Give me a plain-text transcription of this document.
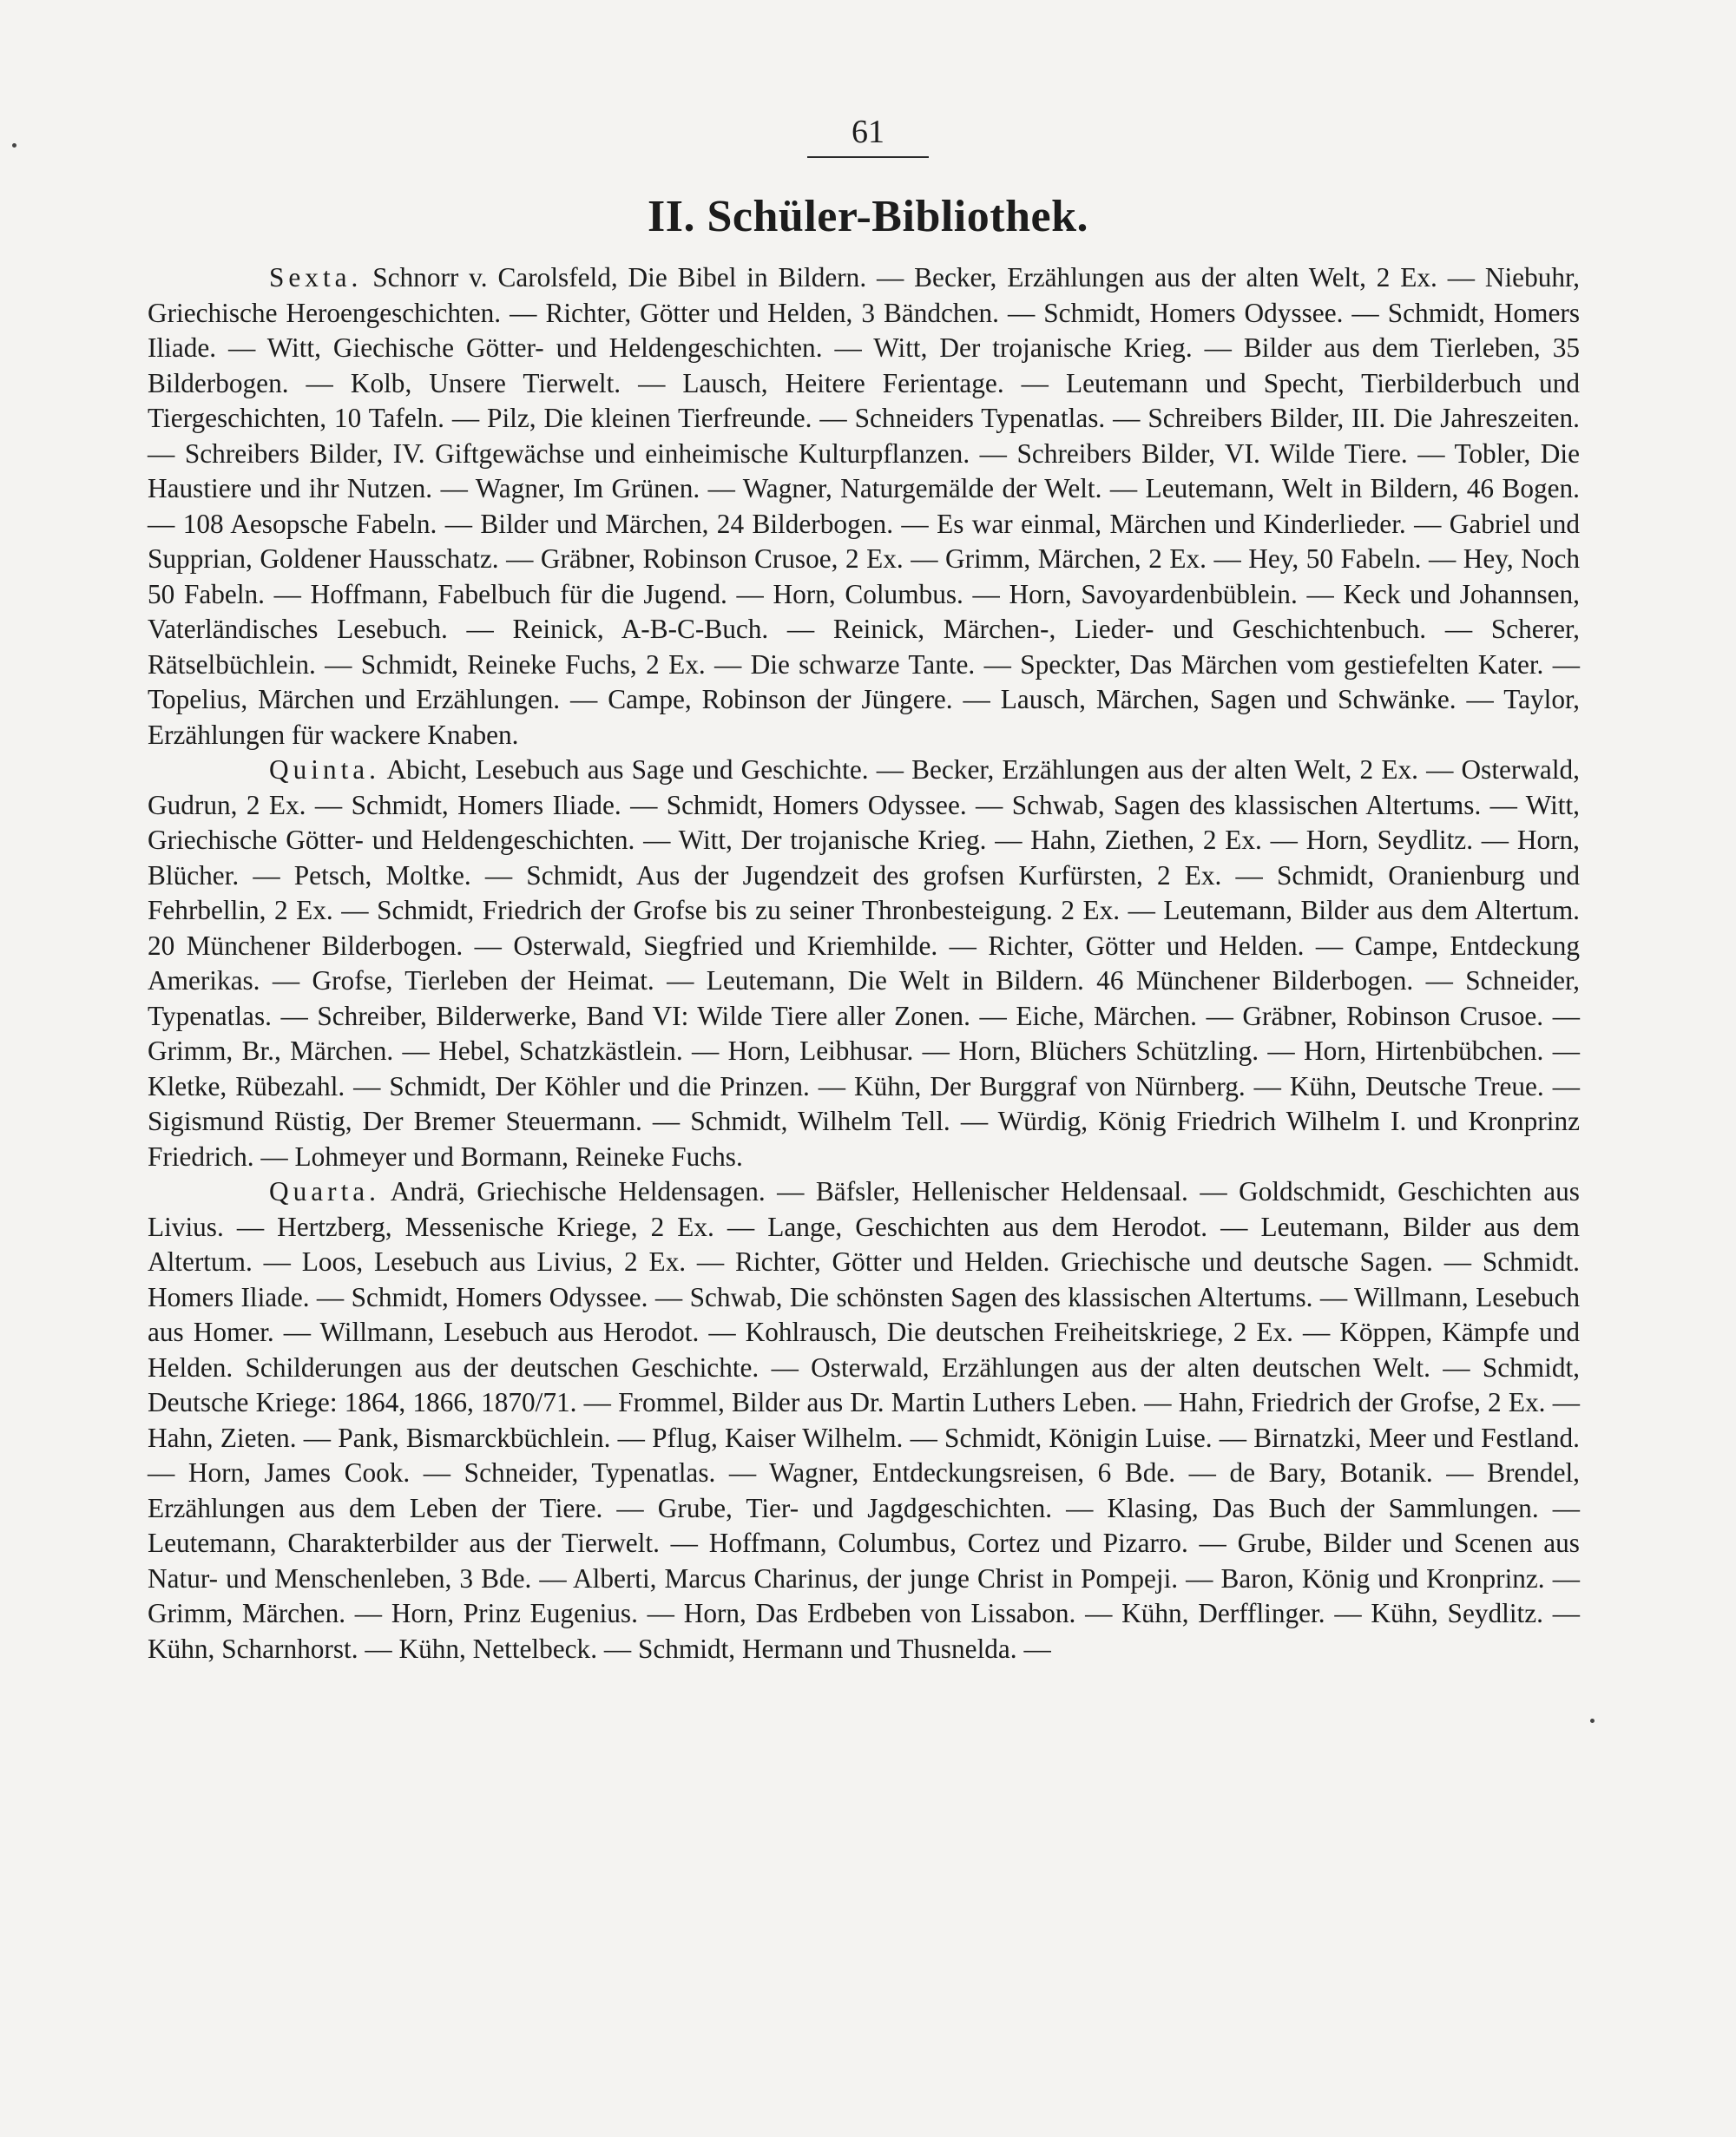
61
II. Schüler-Bibliothek.

Sexta. Schnorr v. Carolsfeld, Die Bibel in Bildern. — Becker, Erzählungen aus der alten Welt, 2 Ex. — Niebuhr, Griechische Heroengeschichten. — Richter, Götter und Helden, 3 Bändchen. — Schmidt, Homers Odyssee. — Schmidt, Homers Iliade. — Witt, Giechische Götter- und Heldengeschichten. — Witt, Der trojanische Krieg. — Bilder aus dem Tierleben, 35 Bilderbogen. — Kolb, Unsere Tierwelt. — Lausch, Heitere Ferientage. — Leutemann und Specht, Tierbilderbuch und Tiergeschichten, 10 Tafeln. — Pilz, Die kleinen Tierfreunde. — Schneiders Typenatlas. — Schreibers Bilder, III. Die Jahreszeiten. — Schreibers Bilder, IV. Giftgewächse und einheimische Kulturpflanzen. — Schreibers Bilder, VI. Wilde Tiere. — Tobler, Die Haustiere und ihr Nutzen. — Wagner, Im Grünen. — Wagner, Naturgemälde der Welt. — Leutemann, Welt in Bildern, 46 Bogen. — 108 Aesopsche Fabeln. — Bilder und Märchen, 24 Bilderbogen. — Es war einmal, Märchen und Kinderlieder. — Gabriel und Supprian, Goldener Hausschatz. — Gräbner, Robinson Crusoe, 2 Ex. — Grimm, Märchen, 2 Ex. — Hey, 50 Fabeln. — Hey, Noch 50 Fabeln. — Hoffmann, Fabelbuch für die Jugend. — Horn, Columbus. — Horn, Savoyardenbüblein. — Keck und Johannsen, Vaterländisches Lesebuch. — Reinick, A-B-C-Buch. — Reinick, Märchen-, Lieder- und Geschichtenbuch. — Scherer, Rätselbüchlein. — Schmidt, Reineke Fuchs, 2 Ex. — Die schwarze Tante. — Speckter, Das Märchen vom gestiefelten Kater. — Topelius, Märchen und Erzählungen. — Campe, Robinson der Jüngere. — Lausch, Märchen, Sagen und Schwänke. — Taylor, Erzählungen für wackere Knaben.

Quinta. Abicht, Lesebuch aus Sage und Geschichte. — Becker, Erzählungen aus der alten Welt, 2 Ex. — Osterwald, Gudrun, 2 Ex. — Schmidt, Homers Iliade. — Schmidt, Homers Odyssee. — Schwab, Sagen des klassischen Altertums. — Witt, Griechische Götter- und Heldengeschichten. — Witt, Der trojanische Krieg. — Hahn, Ziethen, 2 Ex. — Horn, Seydlitz. — Horn, Blücher. — Petsch, Moltke. — Schmidt, Aus der Jugendzeit des grofsen Kurfürsten, 2 Ex. — Schmidt, Oranienburg und Fehrbellin, 2 Ex. — Schmidt, Friedrich der Grofse bis zu seiner Thronbesteigung. 2 Ex. — Leutemann, Bilder aus dem Altertum. 20 Münchener Bilderbogen. — Osterwald, Siegfried und Kriemhilde. — Richter, Götter und Helden. — Campe, Entdeckung Amerikas. — Grofse, Tierleben der Heimat. — Leutemann, Die Welt in Bildern. 46 Münchener Bilderbogen. — Schneider, Typenatlas. — Schreiber, Bilderwerke, Band VI: Wilde Tiere aller Zonen. — Eiche, Märchen. — Gräbner, Robinson Crusoe. — Grimm, Br., Märchen. — Hebel, Schatzkästlein. — Horn, Leibhusar. — Horn, Blüchers Schützling. — Horn, Hirtenbübchen. — Kletke, Rübezahl. — Schmidt, Der Köhler und die Prinzen. — Kühn, Der Burggraf von Nürnberg. — Kühn, Deutsche Treue. — Sigismund Rüstig, Der Bremer Steuermann. — Schmidt, Wilhelm Tell. — Würdig, König Friedrich Wilhelm I. und Kronprinz Friedrich. — Lohmeyer und Bormann, Reineke Fuchs.

Quarta. Andrä, Griechische Heldensagen. — Bäfsler, Hellenischer Heldensaal. — Goldschmidt, Geschichten aus Livius. — Hertzberg, Messenische Kriege, 2 Ex. — Lange, Geschichten aus dem Herodot. — Leutemann, Bilder aus dem Altertum. — Loos, Lesebuch aus Livius, 2 Ex. — Richter, Götter und Helden. Griechische und deutsche Sagen. — Schmidt. Homers Iliade. — Schmidt, Homers Odyssee. — Schwab, Die schönsten Sagen des klassischen Altertums. — Willmann, Lesebuch aus Homer. — Willmann, Lesebuch aus Herodot. — Kohlrausch, Die deutschen Freiheitskriege, 2 Ex. — Köppen, Kämpfe und Helden. Schilderungen aus der deutschen Geschichte. — Osterwald, Erzählungen aus der alten deutschen Welt. — Schmidt, Deutsche Kriege: 1864, 1866, 1870/71. — Frommel, Bilder aus Dr. Martin Luthers Leben. — Hahn, Friedrich der Grofse, 2 Ex. — Hahn, Zieten. — Pank, Bismarckbüchlein. — Pflug, Kaiser Wilhelm. — Schmidt, Königin Luise. — Birnatzki, Meer und Festland. — Horn, James Cook. — Schneider, Typenatlas. — Wagner, Entdeckungsreisen, 6 Bde. — de Bary, Botanik. — Brendel, Erzählungen aus dem Leben der Tiere. — Grube, Tier- und Jagdgeschichten. — Klasing, Das Buch der Sammlungen. — Leutemann, Charakterbilder aus der Tierwelt. — Hoffmann, Columbus, Cortez und Pizarro. — Grube, Bilder und Scenen aus Natur- und Menschenleben, 3 Bde. — Alberti, Marcus Charinus, der junge Christ in Pompeji. — Baron, König und Kronprinz. — Grimm, Märchen. — Horn, Prinz Eugenius. — Horn, Das Erdbeben von Lissabon. — Kühn, Derfflinger. — Kühn, Seydlitz. — Kühn, Scharnhorst. — Kühn, Nettelbeck. — Schmidt, Hermann und Thusnelda. —
